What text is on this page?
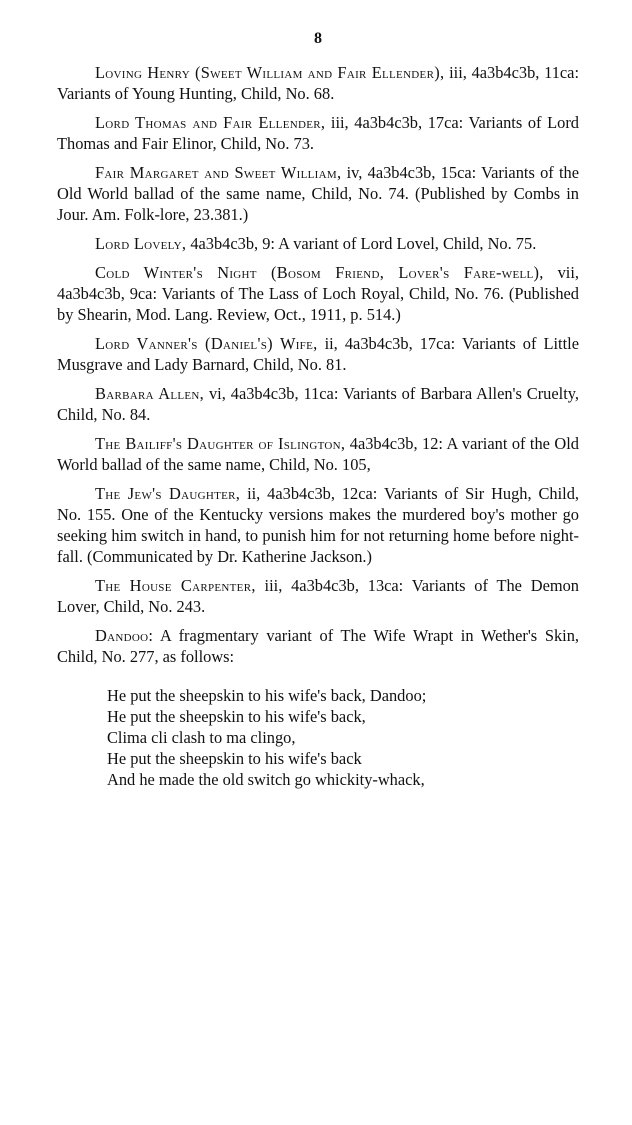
8

Loving Henry (Sweet William and Fair Ellender), iii, 4a3b4c3b, 11ca: Variants of Young Hunting, Child, No. 68.

Lord Thomas and Fair Ellender, iii, 4a3b4c3b, 17ca: Variants of Lord Thomas and Fair Elinor, Child, No. 73.

Fair Margaret and Sweet William, iv, 4a3b4c3b, 15ca: Variants of the Old World ballad of the same name, Child, No. 74. (Published by Combs in Jour. Am. Folk-lore, 23.381.)

Lord Lovely, 4a3b4c3b, 9: A variant of Lord Lovel, Child, No. 75.

Cold Winter's Night (Bosom Friend, Lover's Fare-well), vii, 4a3b4c3b, 9ca: Variants of The Lass of Loch Royal, Child, No. 76. (Published by Shearin, Mod. Lang. Review, Oct., 1911, p. 514.)

Lord Vanner's (Daniel's) Wife, ii, 4a3b4c3b, 17ca: Variants of Little Musgrave and Lady Barnard, Child, No. 81.

Barbara Allen, vi, 4a3b4c3b, 11ca: Variants of Barbara Allen's Cruelty, Child, No. 84.

The Bailiff's Daughter of Islington, 4a3b4c3b, 12: A variant of the Old World ballad of the same name, Child, No. 105,

The Jew's Daughter, ii, 4a3b4c3b, 12ca: Variants of Sir Hugh, Child, No. 155. One of the Kentucky versions makes the murdered boy's mother go seeking him switch in hand, to punish him for not returning home before night-fall. (Communicated by Dr. Katherine Jackson.)

The House Carpenter, iii, 4a3b4c3b, 13ca: Variants of The Demon Lover, Child, No. 243.

Dandoo: A fragmentary variant of The Wife Wrapt in Wether's Skin, Child, No. 277, as follows:

He put the sheepskin to his wife's back, Dandoo;
He put the sheepskin to his wife's back,
Clima cli clash to ma clingo,
He put the sheepskin to his wife's back
And he made the old switch go whickity-whack,
